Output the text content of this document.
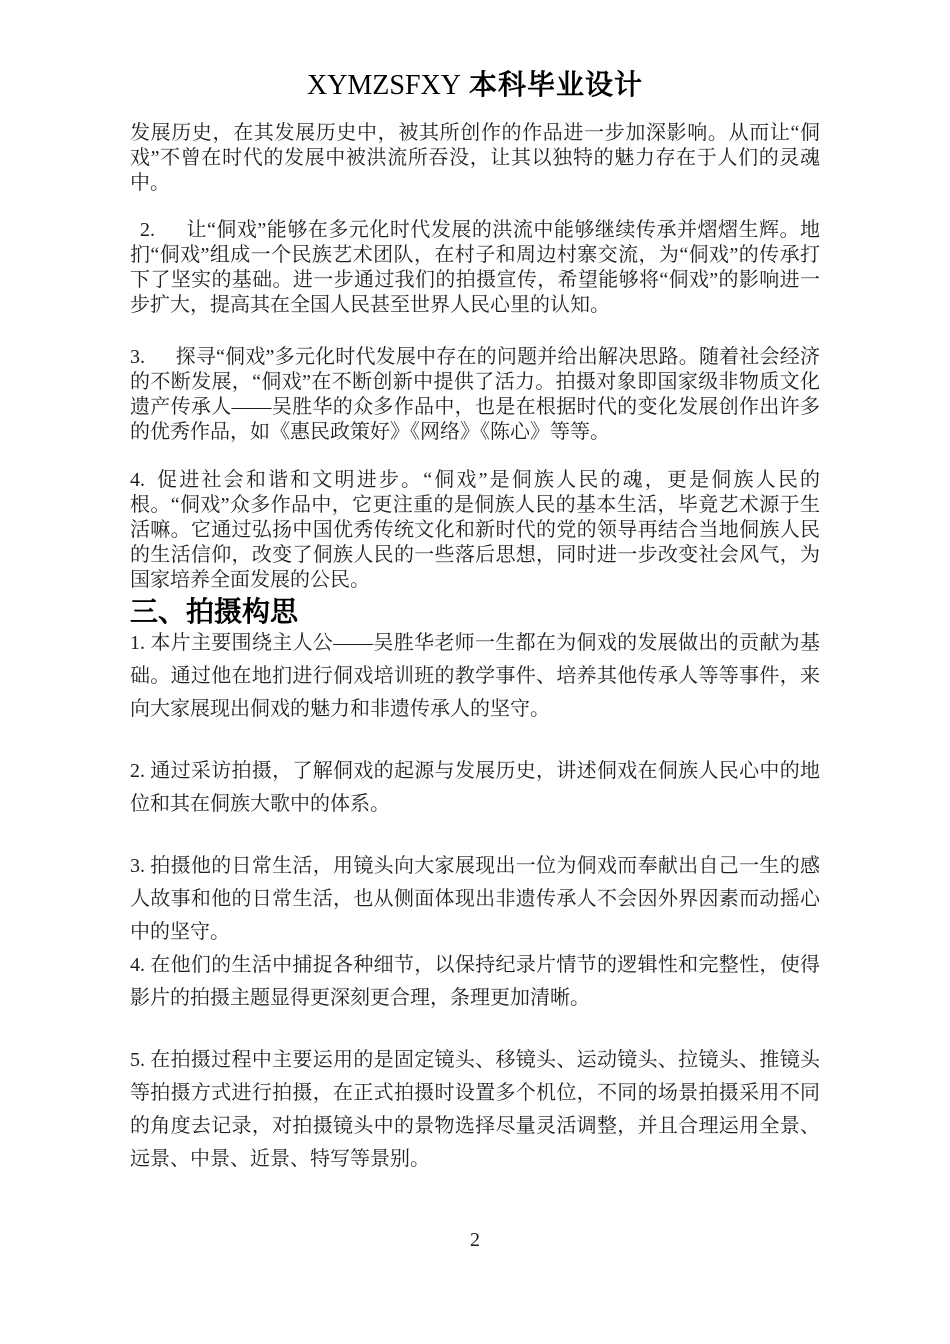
XYMZSFXY 本科毕业设计

发展历史，在其发展历史中，被其所创作的作品进一步加深影响。从而让“侗戏”不曾在时代的发展中被洪流所吞没，让其以独特的魅力存在于人们的灵魂中。

 2.　 让“侗戏”能够在多元化时代发展的洪流中能够继续传承并熠熠生辉。地扪“侗戏”组成一个民族艺术团队，在村子和周边村寨交流，为“侗戏”的传承打下了坚实的基础。进一步通过我们的拍摄宣传，希望能够将“侗戏”的影响进一步扩大，提高其在全国人民甚至世界人民心里的认知。

3.　 探寻“侗戏”多元化时代发展中存在的问题并给出解决思路。随着社会经济的不断发展，“侗戏”在不断创新中提供了活力。拍摄对象即国家级非物质文化遗产传承人——吴胜华的众多作品中，也是在根据时代的变化发展创作出许多的优秀作品，如《惠民政策好》《网络》《陈心》等等。

4. 促进社会和谐和文明进步。“侗戏”是侗族人民的魂，更是侗族人民的根。“侗戏”众多作品中，它更注重的是侗族人民的基本生活，毕竟艺术源于生活嘛。它通过弘扬中国优秀传统文化和新时代的党的领导再结合当地侗族人民的生活信仰，改变了侗族人民的一些落后思想，同时进一步改变社会风气，为国家培养全面发展的公民。

三、拍摄构思

1. 本片主要围绕主人公——吴胜华老师一生都在为侗戏的发展做出的贡献为基础。通过他在地扪进行侗戏培训班的教学事件、培养其他传承人等等事件，来向大家展现出侗戏的魅力和非遗传承人的坚守。

2. 通过采访拍摄，了解侗戏的起源与发展历史，讲述侗戏在侗族人民心中的地位和其在侗族大歌中的体系。

3. 拍摄他的日常生活，用镜头向大家展现出一位为侗戏而奉献出自己一生的感人故事和他的日常生活，也从侧面体现出非遗传承人不会因外界因素而动摇心中的坚守。

4. 在他们的生活中捕捉各种细节，以保持纪录片情节的逻辑性和完整性，使得影片的拍摄主题显得更深刻更合理，条理更加清晰。

5. 在拍摄过程中主要运用的是固定镜头、移镜头、运动镜头、拉镜头、推镜头等拍摄方式进行拍摄，在正式拍摄时设置多个机位，不同的场景拍摄采用不同的角度去记录，对拍摄镜头中的景物选择尽量灵活调整，并且合理运用全景、远景、中景、近景、特写等景别。

2
